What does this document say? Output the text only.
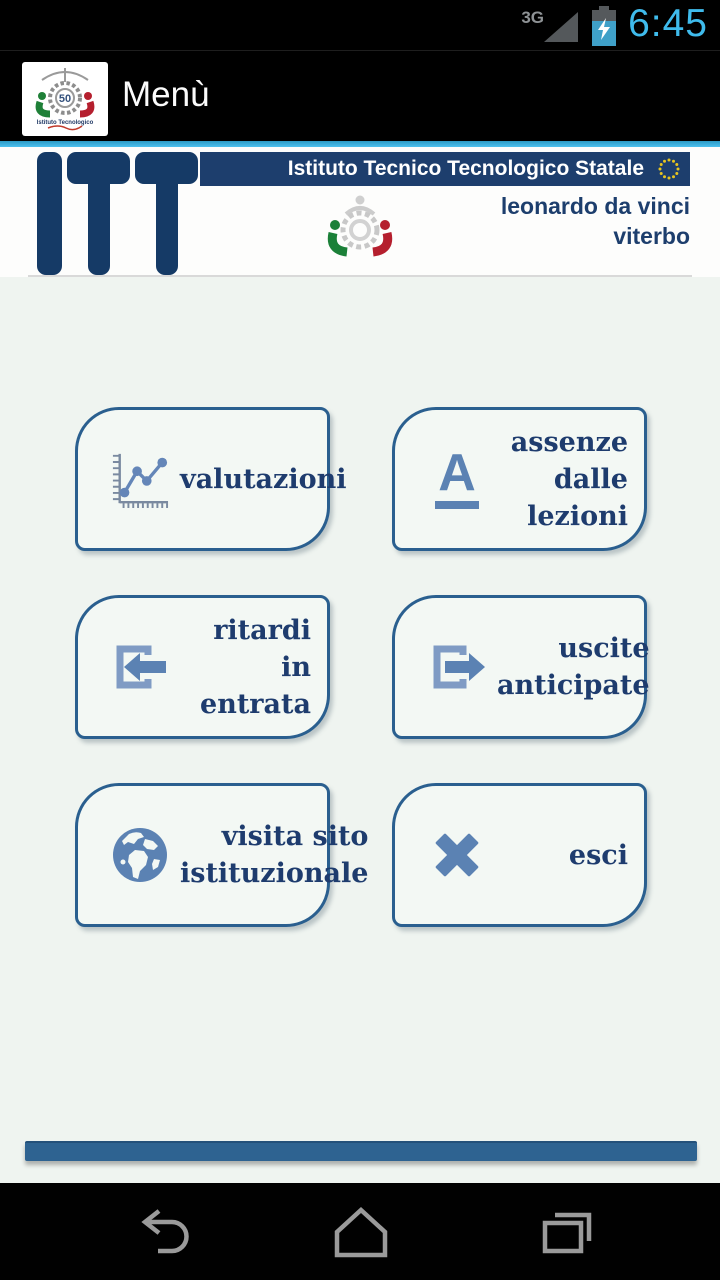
3G 6:45
50
Istituto Tecnologico
Menù
Istituto Tecnico Tecnologico Statale
leonardo da vinci
viterbo
valutazioni A
assenze dalle
lezioni
ritardi in
entrata
uscite
anticipate
visita sito
istituzionale
esci
